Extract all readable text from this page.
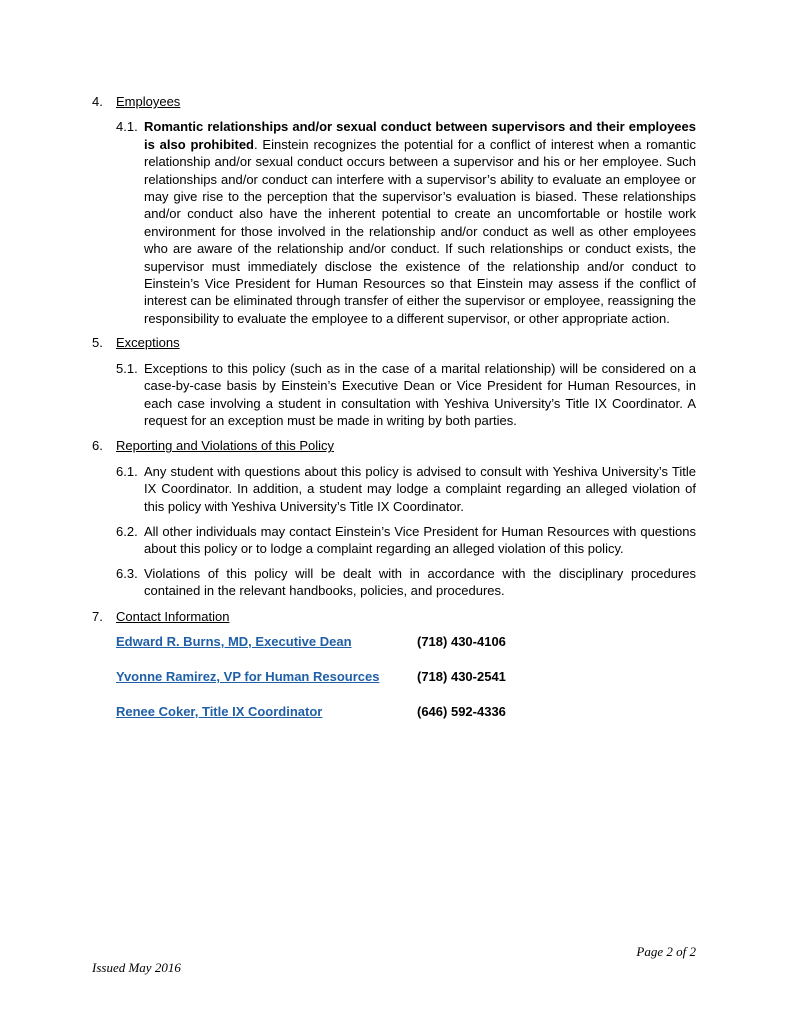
4.	Employees
4.1. Romantic relationships and/or sexual conduct between supervisors and their employees is also prohibited. Einstein recognizes the potential for a conflict of interest when a romantic relationship and/or sexual conduct occurs between a supervisor and his or her employee. Such relationships and/or conduct can interfere with a supervisor’s ability to evaluate an employee or may give rise to the perception that the supervisor’s evaluation is biased. These relationships and/or conduct also have the inherent potential to create an uncomfortable or hostile work environment for those involved in the relationship and/or conduct as well as other employees who are aware of the relationship and/or conduct. If such relationships or conduct exists, the supervisor must immediately disclose the existence of the relationship and/or conduct to Einstein’s Vice President for Human Resources so that Einstein may assess if the conflict of interest can be eliminated through transfer of either the supervisor or employee, reassigning the responsibility to evaluate the employee to a different supervisor, or other appropriate action.
5.	Exceptions
5.1. Exceptions to this policy (such as in the case of a marital relationship) will be considered on a case-by-case basis by Einstein’s Executive Dean or Vice President for Human Resources, in each case involving a student in consultation with Yeshiva University’s Title IX Coordinator. A request for an exception must be made in writing by both parties.
6.	Reporting and Violations of this Policy
6.1. Any student with questions about this policy is advised to consult with Yeshiva University’s Title IX Coordinator. In addition, a student may lodge a complaint regarding an alleged violation of this policy with Yeshiva University’s Title IX Coordinator.
6.2. All other individuals may contact Einstein’s Vice President for Human Resources with questions about this policy or to lodge a complaint regarding an alleged violation of this policy.
6.3. Violations of this policy will be dealt with in accordance with the disciplinary procedures contained in the relevant handbooks, policies, and procedures.
7.	Contact Information
Edward R. Burns, MD, Executive Dean	(718) 430-4106
Yvonne Ramirez, VP for Human Resources	(718) 430-2541
Renee Coker, Title IX Coordinator	(646) 592-4336
Page 2 of 2
Issued May 2016
